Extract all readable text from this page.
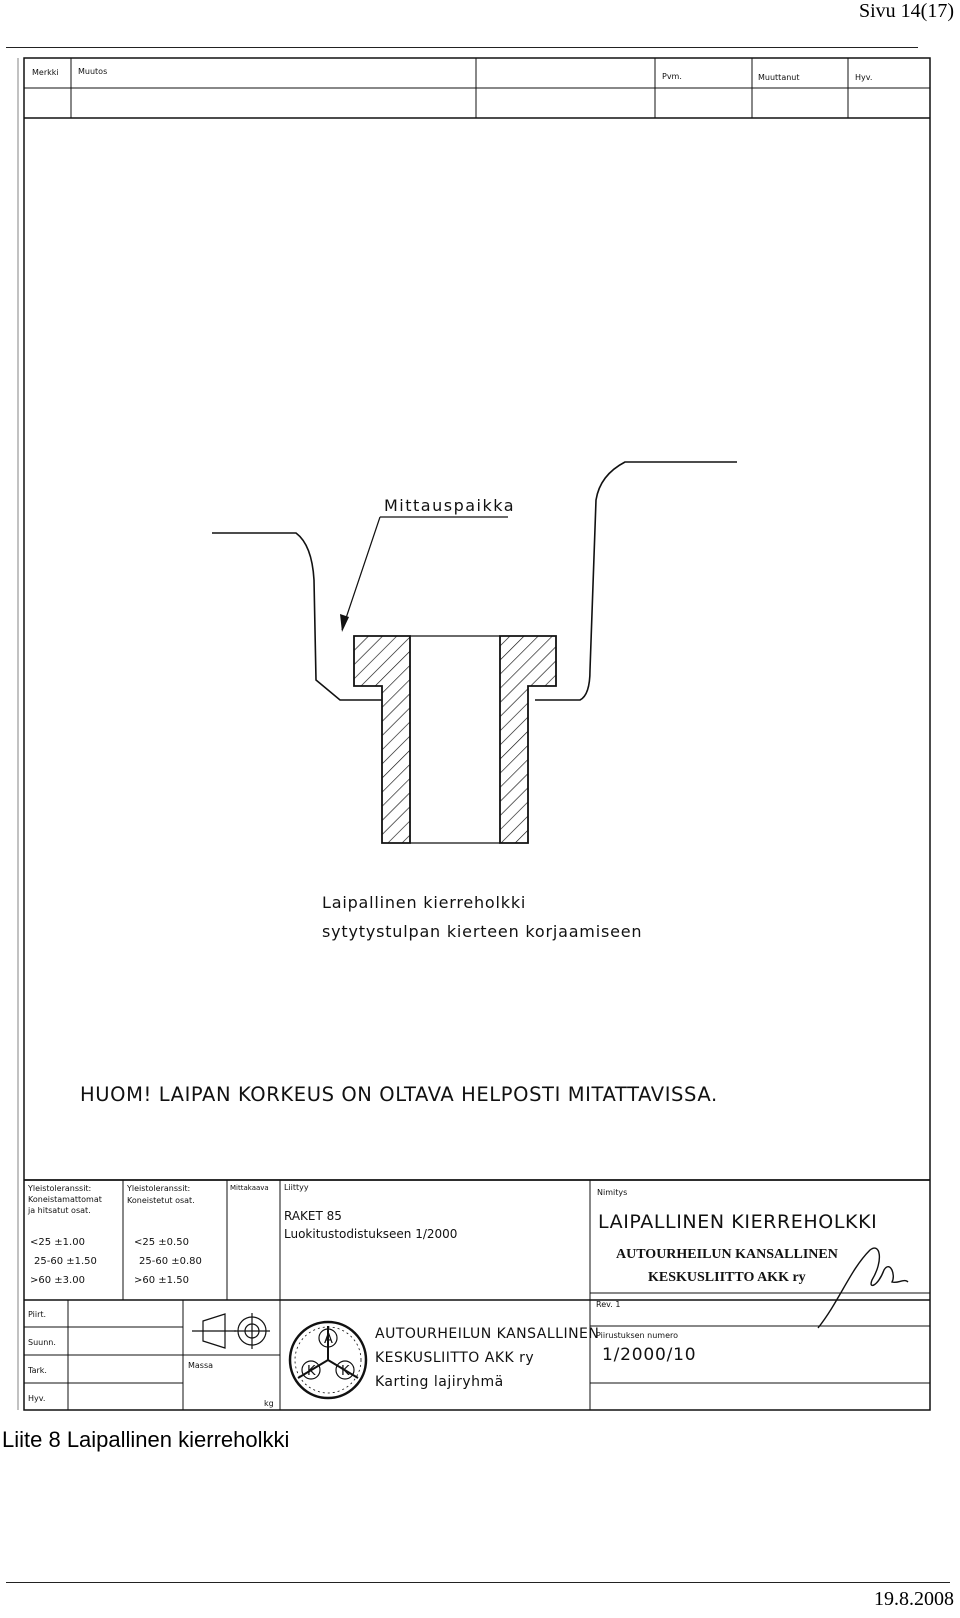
Sivu 14(17)
Merkki Muutos
Pvm.	Muuttanut	Hyv.
Mittauspaikka
Laipallinen kierreholkki
sytytystulpan kierteen korjaamiseen
HUOM! LAIPAN KORKEUS ON OLTAVA HELPOSTI MITATTAVISSA.
Yleistoleranssit:
Koneistamattomat
ja hitsatut osat.
<25 ±1.00
25-60 ±1.50
>60 ±3.00
Yleistoleranssit:
Koneistetut osat.
<25 ±0.50
25-60 ±0.80
>60 ±1.50
Mittakaava Liittyy
RAKET 85
Luokitustodistukseen 1/2000
Nimitys
LAIPALLINEN KIERREHOLKKI
AUTOURHEILUN KANSALLINEN
KESKUSLIITTO AKK ry
Piirt.
Suunn.
Tark.
Hyv.
Massa
kg
A
K K
AUTOURHEILUN KANSALLINEN
KESKUSLIITTO AKK ry
Karting lajiryhmä
Rev. 1
Piirustuksen numero
1/2000/10
Liite 8 Laipallinen kierreholkki
19.8.2008
